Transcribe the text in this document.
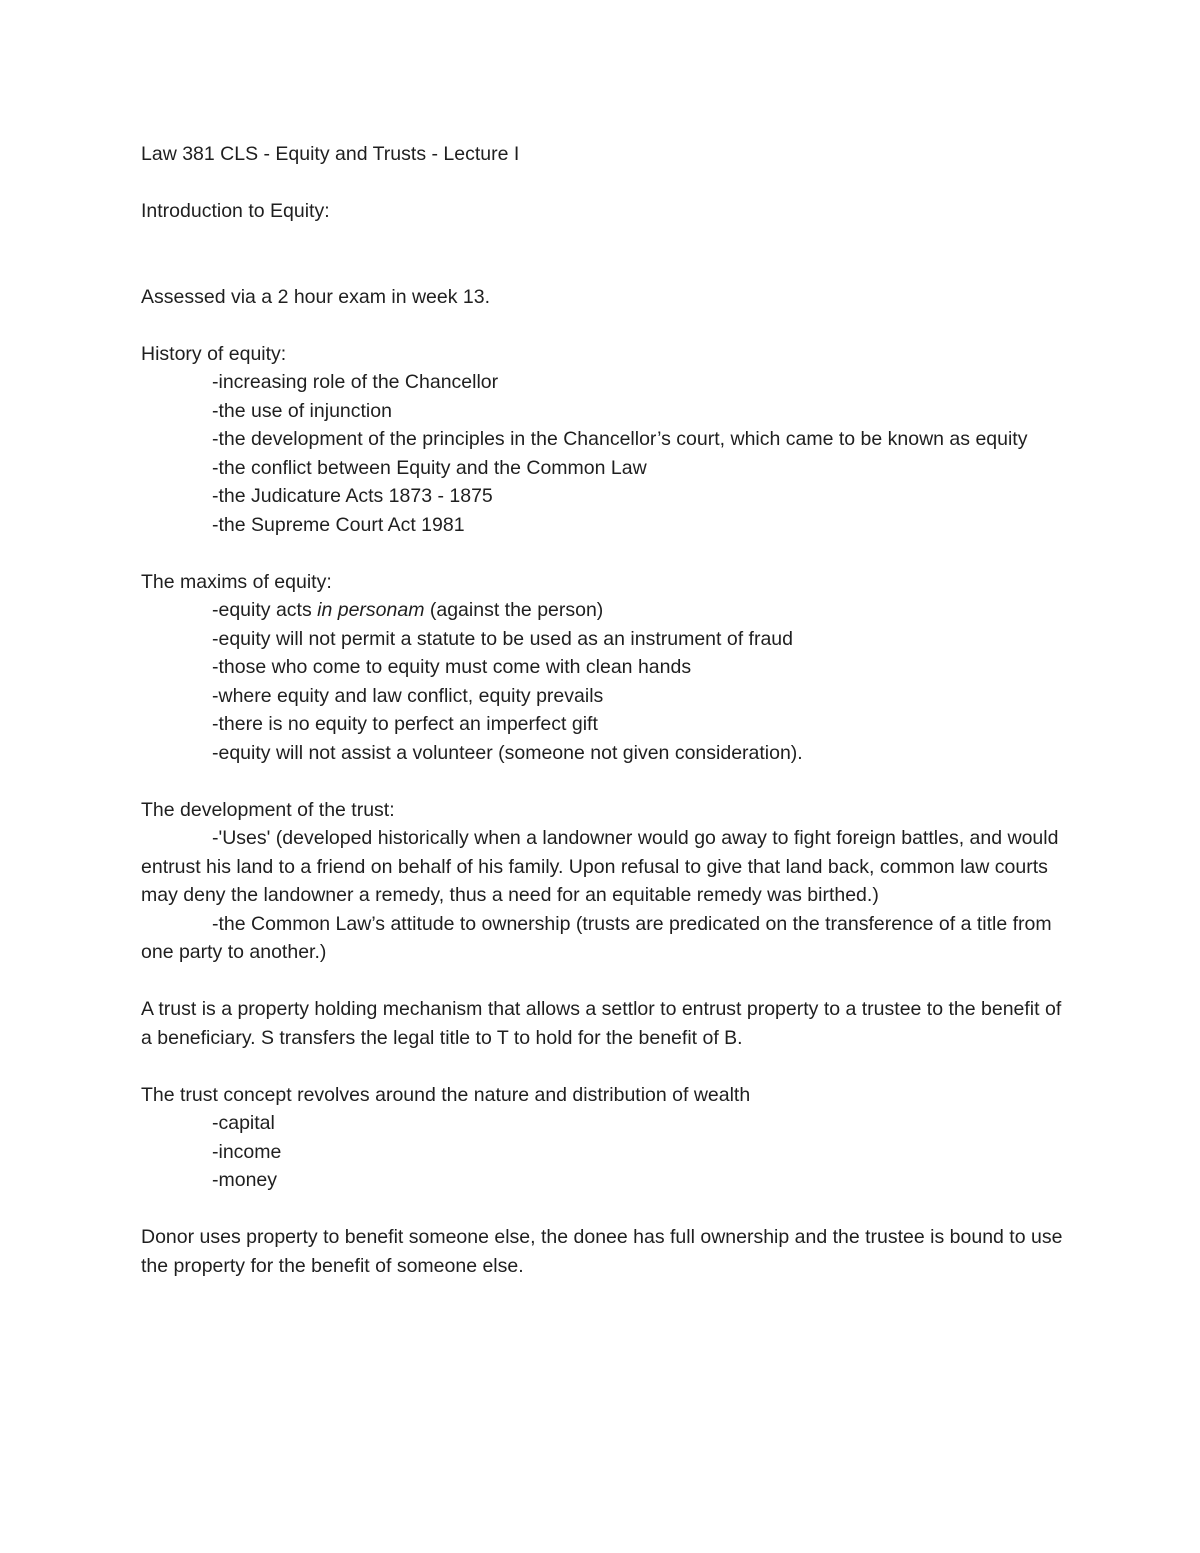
Law 381 CLS - Equity and Trusts - Lecture I

Introduction to Equity:

Assessed via a 2 hour exam in week 13.

History of equity:

-increasing role of the Chancellor

-the use of injunction

-the development of the principles in the Chancellor’s court, which came to be known as equity

-the conflict between Equity and the Common Law

-the Judicature Acts 1873 - 1875

-the Supreme Court Act 1981

The maxims of equity:

-equity acts in personam (against the person)

-equity will not permit a statute to be used as an instrument of fraud

-those who come to equity must come with clean hands

-where equity and law conflict, equity prevails

-there is no equity to perfect an imperfect gift

-equity will not assist a volunteer (someone not given consideration).

The development of the trust:

-'Uses' (developed historically when a landowner would go away to fight foreign battles, and would entrust his land to a friend on behalf of his family. Upon refusal to give that land back, common law courts may deny the landowner a remedy, thus a need for an equitable remedy was birthed.)

-the Common Law’s attitude to ownership (trusts are predicated on the transference of a title from one party to another.)

A trust is a property holding mechanism that allows a settlor to entrust property to a trustee to the benefit of a beneficiary. S transfers the legal title to T to hold for the benefit of B.

The trust concept revolves around the nature and distribution of wealth

-capital

-income

-money

Donor uses property to benefit someone else, the donee has full ownership and the trustee is bound to use the property for the benefit of someone else.
